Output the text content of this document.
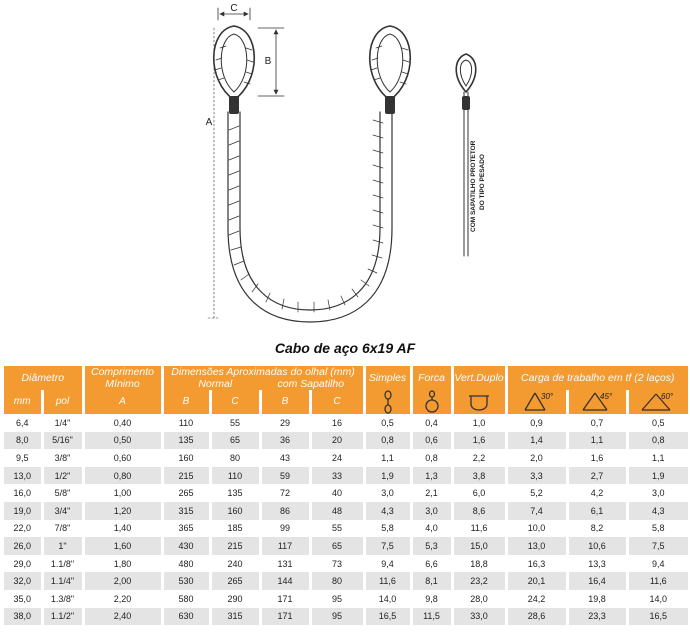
C
B
A
COM SAPATILHO PROTETOR DO TIPO PESADO
Cabo de aço 6x19 AF
Diâmetro		Comprimento
Mínimo	Dimensões Aproximadas do olhal (mm)
Normal com Sapatilho				Simples	Forca	Vert.Duplo	Carga de trabalho em tf (2 laços)		
mm	pol	A	B	C	B	C				30°	45°	60°

6,4	1/4"	0,40	110	55	29	16	0,5	0,4	1,0	0,9	0,7	0,5
8,0	5/16"	0,50	135	65	36	20	0,8	0,6	1,6	1,4	1,1	0,8
9,5	3/8"	0,60	160	80	43	24	1,1	0,8	2,2	2,0	1,6	1,1
13,0	1/2"	0,80	215	110	59	33	1,9	1,3	3,8	3,3	2,7	1,9
16,0	5/8"	1,00	265	135	72	40	3,0	2,1	6,0	5,2	4,2	3,0
19,0	3/4"	1,20	315	160	86	48	4,3	3,0	8,6	7,4	6,1	4,3
22,0	7/8"	1,40	365	185	99	55	5,8	4,0	11,6	10,0	8,2	5,8
26,0	1"	1,60	430	215	117	65	7,5	5,3	15,0	13,0	10,6	7,5
29,0	1.1/8"	1,80	480	240	131	73	9,4	6,6	18,8	16,3	13,3	9,4
32,0	1.1/4"	2,00	530	265	144	80	11,6	8,1	23,2	20,1	16,4	11,6
35,0	1.3/8"	2,20	580	290	171	95	14,0	9,8	28,0	24,2	19,8	14,0
38,0	1.1/2"	2,40	630	315	171	95	16,5	11,5	33,0	28,6	23,3	16,5
